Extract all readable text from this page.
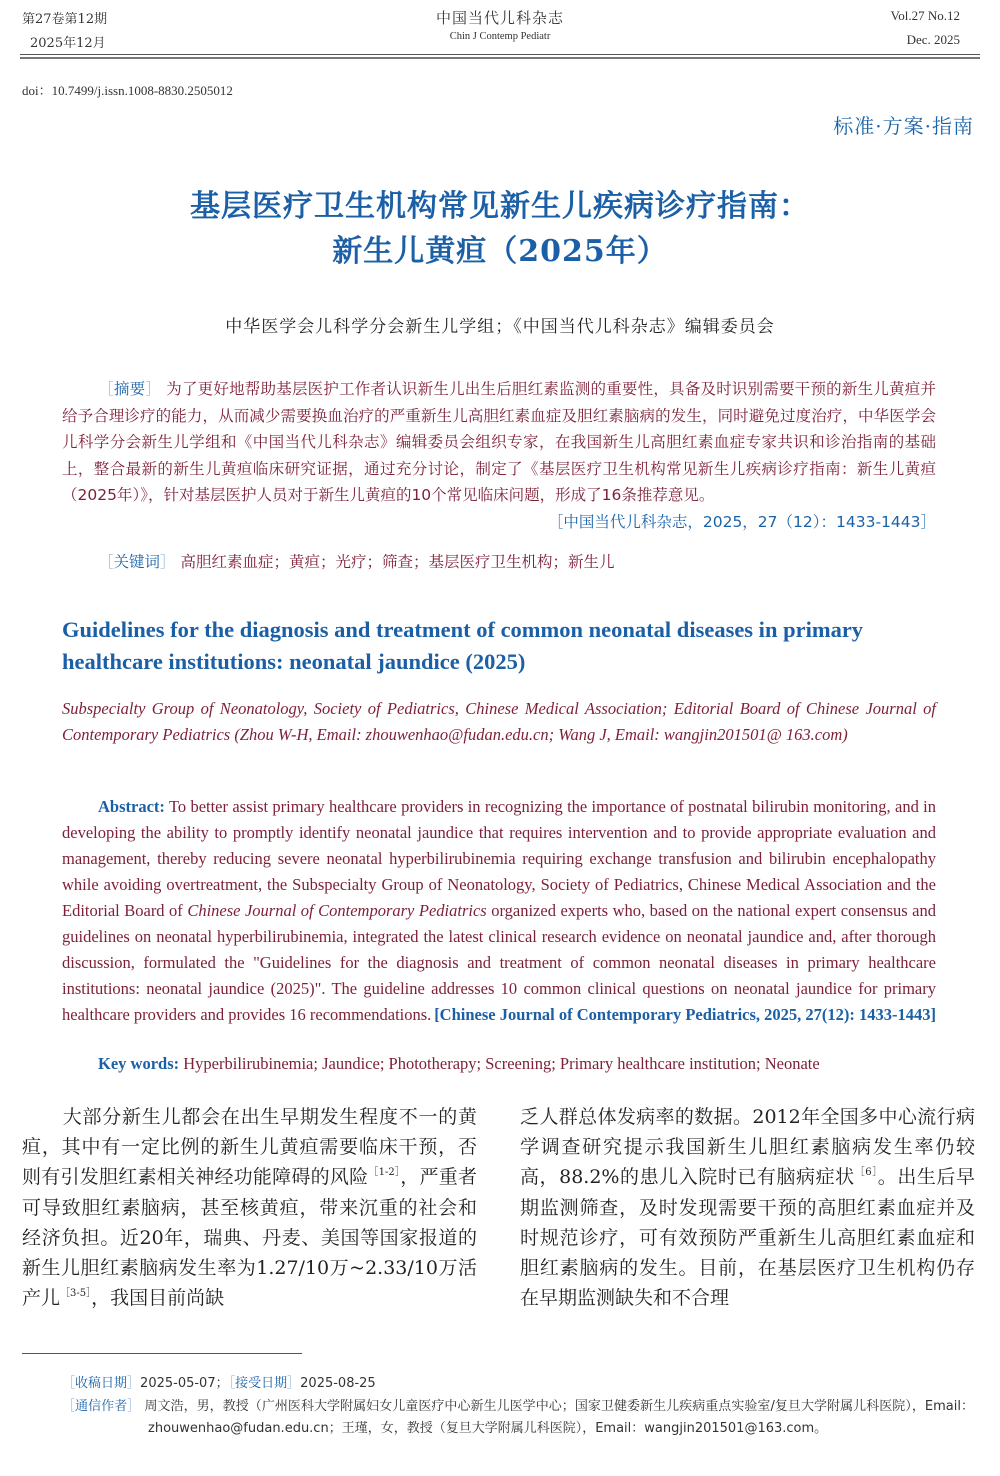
第27卷第12期
2025年12月
中国当代儿科杂志
Chin J Contemp Pediatr
Vol.27 No.12
Dec. 2025
doi：10.7499/j.issn.1008-8830.2505012
标准·方案·指南
基层医疗卫生机构常见新生儿疾病诊疗指南：
新生儿黄疸（2025年）
中华医学会儿科学分会新生儿学组；《中国当代儿科杂志》编辑委员会
［摘要］ 为了更好地帮助基层医护工作者认识新生儿出生后胆红素监测的重要性，具备及时识别需要干预的新生儿黄疸并给予合理诊疗的能力，从而减少需要换血治疗的严重新生儿高胆红素血症及胆红素脑病的发生，同时避免过度治疗，中华医学会儿科学分会新生儿学组和《中国当代儿科杂志》编辑委员会组织专家，在我国新生儿高胆红素血症专家共识和诊治指南的基础上，整合最新的新生儿黄疸临床研究证据，通过充分讨论，制定了《基层医疗卫生机构常见新生儿疾病诊疗指南：新生儿黄疸（2025年）》，针对基层医护人员对于新生儿黄疸的10个常见临床问题，形成了16条推荐意见。
［中国当代儿科杂志，2025，27（12）：1433-1443］
［关键词］ 高胆红素血症；黄疸；光疗；筛查；基层医疗卫生机构；新生儿
Guidelines for the diagnosis and treatment of common neonatal diseases in primary healthcare institutions: neonatal jaundice (2025)
Subspecialty Group of Neonatology, Society of Pediatrics, Chinese Medical Association; Editorial Board of Chinese Journal of Contemporary Pediatrics (Zhou W-H, Email: zhouwenhao@fudan.edu.cn; Wang J, Email: wangjin201501@ 163.com)
Abstract: To better assist primary healthcare providers in recognizing the importance of postnatal bilirubin monitoring, and in developing the ability to promptly identify neonatal jaundice that requires intervention and to provide appropriate evaluation and management, thereby reducing severe neonatal hyperbilirubinemia requiring exchange transfusion and bilirubin encephalopathy while avoiding overtreatment, the Subspecialty Group of Neonatology, Society of Pediatrics, Chinese Medical Association and the Editorial Board of Chinese Journal of Contemporary Pediatrics organized experts who, based on the national expert consensus and guidelines on neonatal hyperbilirubinemia, integrated the latest clinical research evidence on neonatal jaundice and, after thorough discussion, formulated the "Guidelines for the diagnosis and treatment of common neonatal diseases in primary healthcare institutions: neonatal jaundice (2025)". The guideline addresses 10 common clinical questions on neonatal jaundice for primary healthcare providers and provides 16 recommendations. [Chinese Journal of Contemporary Pediatrics, 2025, 27(12): 1433-1443]
Key words: Hyperbilirubinemia; Jaundice; Phototherapy; Screening; Primary healthcare institution; Neonate
大部分新生儿都会在出生早期发生程度不一的黄疸，其中有一定比例的新生儿黄疸需要临床干预，否则有引发胆红素相关神经功能障碍的风险$^{[1-2]}$，严重者可导致胆红素脑病，甚至核黄疸，带来沉重的社会和经济负担。近20年，瑞典、丹麦、美国等国家报道的新生儿胆红素脑病发生率为1.27/10万~2.33/10万活产儿$^{[3-5]}$，我国目前尚缺
乏人群总体发病率的数据。2012年全国多中心流行病学调查研究提示我国新生儿胆红素脑病发生率仍较高，88.2%的患儿入院时已有脑病症状$^{[6]}$。出生后早期监测筛查，及时发现需要干预的高胆红素血症并及时规范诊疗，可有效预防严重新生儿高胆红素血症和胆红素脑病的发生。目前，在基层医疗卫生机构仍存在早期监测缺失和不合理
［收稿日期］2025-05-07；［接受日期］2025-08-25
［通信作者］ 周文浩，男，教授（广州医科大学附属妇女儿童医疗中心新生儿医学中心；国家卫健委新生儿疾病重点实验室/复旦大学附属儿科医院），Email：zhouwenhao@fudan.edu.cn；王瑾，女，教授（复旦大学附属儿科医院），Email：wangjin201501@163.com。
